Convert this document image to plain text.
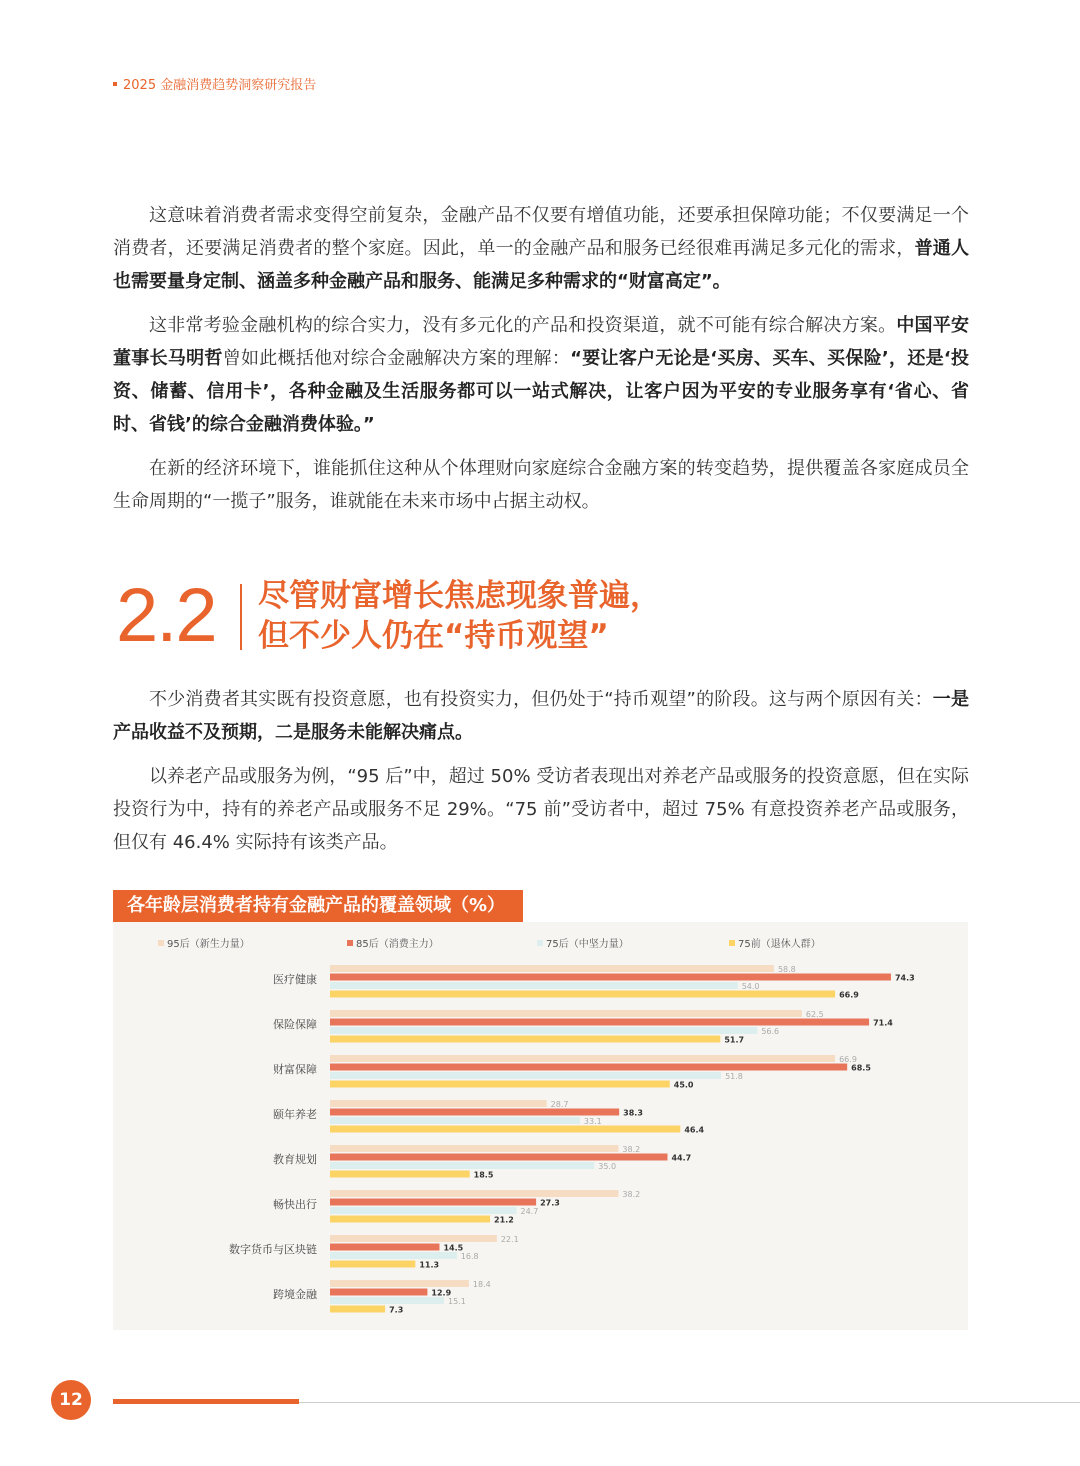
2025 金融消费趋势洞察研究报告

这意味着消费者需求变得空前复杂，金融产品不仅要有增值功能，还要承担保障功能；不仅要满足一个消费者，还要满足消费者的整个家庭。因此，单一的金融产品和服务已经很难再满足多元化的需求，普通人也需要量身定制、涵盖多种金融产品和服务、能满足多种需求的“财富高定”。

这非常考验金融机构的综合实力，没有多元化的产品和投资渠道，就不可能有综合解决方案。中国平安董事长马明哲曾如此概括他对综合金融解决方案的理解：“要让客户无论是‘买房、买车、买保险’，还是‘投资、储蓄、信用卡’，各种金融及生活服务都可以一站式解决，让客户因为平安的专业服务享有‘省心、省时、省钱’的综合金融消费体验。”

在新的经济环境下，谁能抓住这种从个体理财向家庭综合金融方案的转变趋势，提供覆盖各家庭成员全生命周期的“一揽子”服务，谁就能在未来市场中占据主动权。

2.2 尽管财富增长焦虑现象普遍，
但不少人仍在“持币观望”

不少消费者其实既有投资意愿，也有投资实力，但仍处于“持币观望”的阶段。这与两个原因有关：一是产品收益不及预期，二是服务未能解决痛点。

以养老产品或服务为例，“95 后”中，超过 50% 受访者表现出对养老产品或服务的投资意愿，但在实际投资行为中，持有的养老产品或服务不足 29%。“75 前”受访者中，超过 75% 有意投资养老产品或服务，但仅有 46.4% 实际持有该类产品。

各年龄层消费者持有金融产品的覆盖领域（%）
95后（新生力量）	85后（消费主力）	75后（中坚力量）	75前（退休人群）
医疗健康
58.8
74.3
54.0
66.9
保险保障
62.5
71.4
56.6
51.7
财富保障
66.9
68.5
51.8
45.0
颐年养老
28.7
38.3
33.1
46.4
教育规划
38.2
44.7
35.0
18.5
畅快出行
38.2
27.3
24.7
21.2
数字货币与区块链
22.1
14.5
16.8
11.3
跨境金融
18.4
12.9
15.1
7.3
12
